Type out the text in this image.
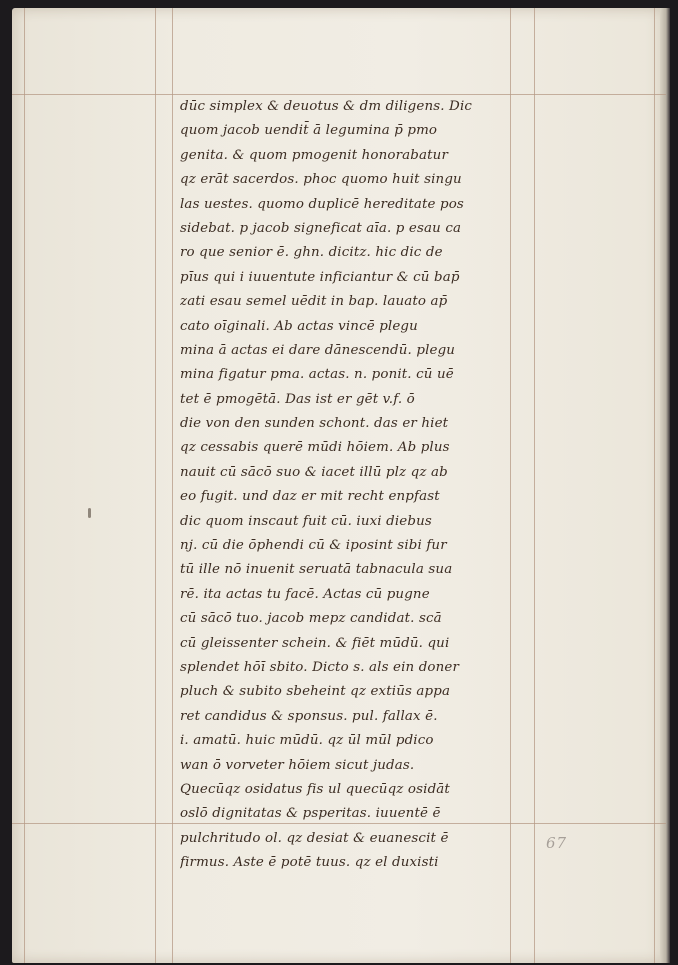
dūc simplex & deuotus & dm diligens. Dic
quom jacob uendit̄ ā legumina p̄ pmo
genita. & quom pmogenit honorabatur
qz erāt sacerdos. phoc quomo huit singu
las uestes. quomo duplicē hereditate pos
sidebat. p jacob signeficat aīa. p esau ca
ro que senior ē. ghn. dicitz. hic dic de
pīus qui i iuuentute inficiantur & cū bap̄
zati esau semel uēdit in bap. lauato ap̄
cato oīginali. Ab actas vincē plegu
mina ā actas ei dare dānescendū. plegu
mina figatur pma. actas. n. ponit. cū uē
tet ē pmogētā. Das ist er gēt v.f. ō
die von den sunden schont. das er hiet
qz cessabis querē mūdi hōiem. Ab plus
nauit cū sācō suo & iacet illū plz qz ab
eo fugit. und daz er mit recht enpfast
dic quom inscaut fuit cū. iuxi diebus
nj. cū die ōphendi cū & iposint sibi fur
tū ille nō inuenit seruatā tabnacula sua
rē. ita actas tu facē. Actas cū pugne
cū sācō tuo. jacob mepz candidat. scā
cū gleissenter schein. & fiēt mūdū. qui
splendet hōī sbito. Dicto s. als ein doner
pluch & subito sbeheint qz extiūs appa
ret candidus & sponsus. pul. fallax ē.
i. amatū. huic mūdū. qz ūl mūl pdico
wan ō vorveter hōiem sicut judas.
Quecūqz osidatus fis ul quecūqz osidāt
oslō dignitatas & psperitas. iuuentē ē
pulchritudo ol. qz desiat & euanescit ē
firmus. Aste ē potē tuus. qz el duxisti
67
